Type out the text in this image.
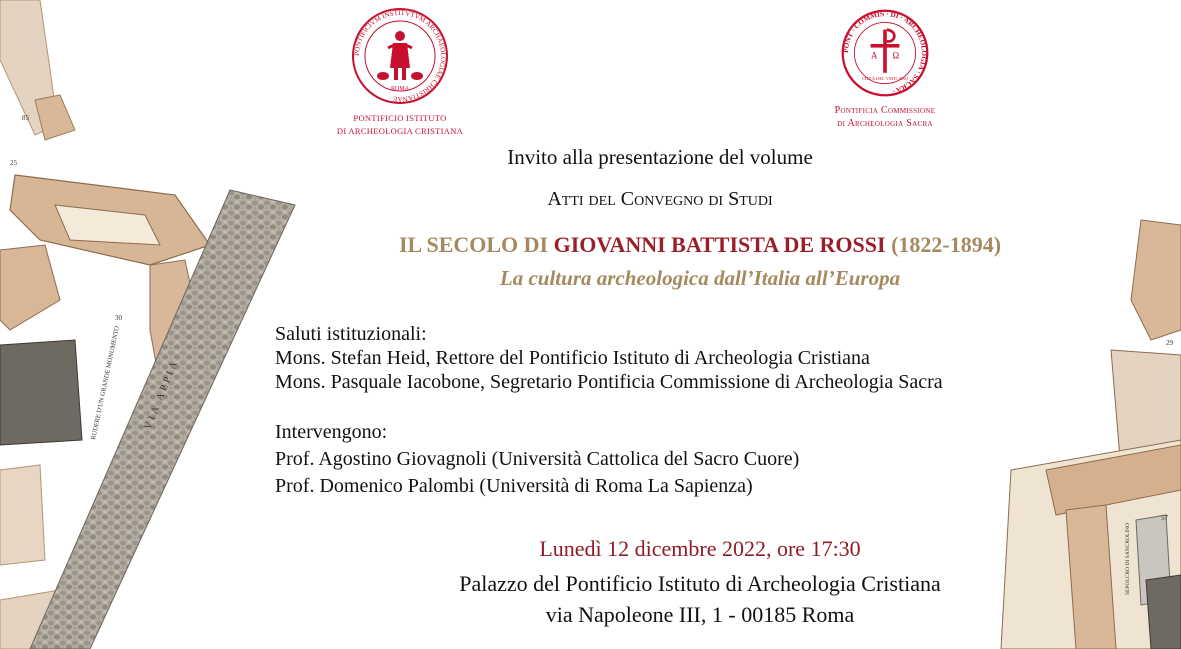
VIA APPIA
RUDERE D'UN GRANDE MONUMENTO
85
25
30
SEPOLCRO DI SANCROLINO
29
57
PONTIFICIVM INSTITVTVM ARCHAEOLOGIAE CHRISTIANAE
ROMA
PONTIFICIO ISTITUTO
DI ARCHEOLOGIA CRISTIANA
PONT · COMMIS · DI · ARCHEOLOGIA · SACRA ·
A Ω
CITTÀ DEL VATICANO
Pontificia Commissione
di Archeologia Sacra
Invito alla presentazione del volume
Atti del Convegno di Studi
IL SECOLO DI GIOVANNI BATTISTA DE ROSSI (1822-1894)
La cultura archeologica dall’Italia all’Europa
Saluti istituzionali:
Mons. Stefan Heid, Rettore del Pontificio Istituto di Archeologia Cristiana
Mons. Pasquale Iacobone, Segretario Pontificia Commissione di Archeologia Sacra
Intervengono:
Prof. Agostino Giovagnoli (Università Cattolica del Sacro Cuore)
Prof. Domenico Palombi (Università di Roma La Sapienza)
Lunedì 12 dicembre 2022, ore 17:30
Palazzo del Pontificio Istituto di Archeologia Cristiana
via Napoleone III, 1 - 00185 Roma
